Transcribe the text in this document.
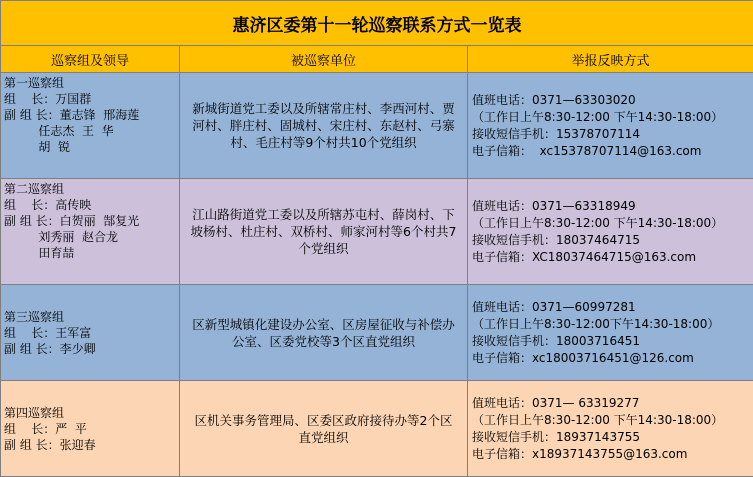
惠济区委第十一轮巡察联系方式一览表		
巡察组及领导	被巡察单位	举报反映方式

第一巡察组
组    长：万国群
副 组 长：董志锋  邢海莲
任志杰  王  华
胡  锐	新城街道党工委以及所辖常庄村、李西河村、贾河村、胖庄村、固城村、宋庄村、东赵村、弓寨村、毛庄村等9个村共10个党组织	值班电话：0371—63303020
（工作日上午8:30-12:00 下午14:30-18:00）
接收短信手机：15378707114
电子信箱：  xc15378707114@163.com

第二巡察组
组    长：高传映
副 组 长：白贺丽  郜复光
刘秀丽  赵合龙
田育喆	江山路街道党工委以及所辖苏屯村、薛岗村、下坡杨村、杜庄村、双桥村、师家河村等6个村共7个党组织	值班电话：0371—63318949
（工作日上午8:30-12:00 下午14:30-18:00）
接收短信手机：18037464715
电子信箱：XC18037464715@163.com

第三巡察组
组    长：王军富
副 组 长：李少卿	区新型城镇化建设办公室、区房屋征收与补偿办公室、区委党校等3个区直党组织	值班电话：0371—60997281
（工作日上午8:30-12:00下午14:30-18:00）
接收短信手机：18003716451
电子信箱：xc18003716451@126.com

第四巡察组
组    长：严  平
副 组 长：张迎春	区机关事务管理局、区委区政府接待办等2个区直党组织	值班电话：0371— 63319277
（工作日上午8:30-12:00 下午14:30-18:00）
接收短信手机：18937143755
电子信箱：x18937143755@163.com
